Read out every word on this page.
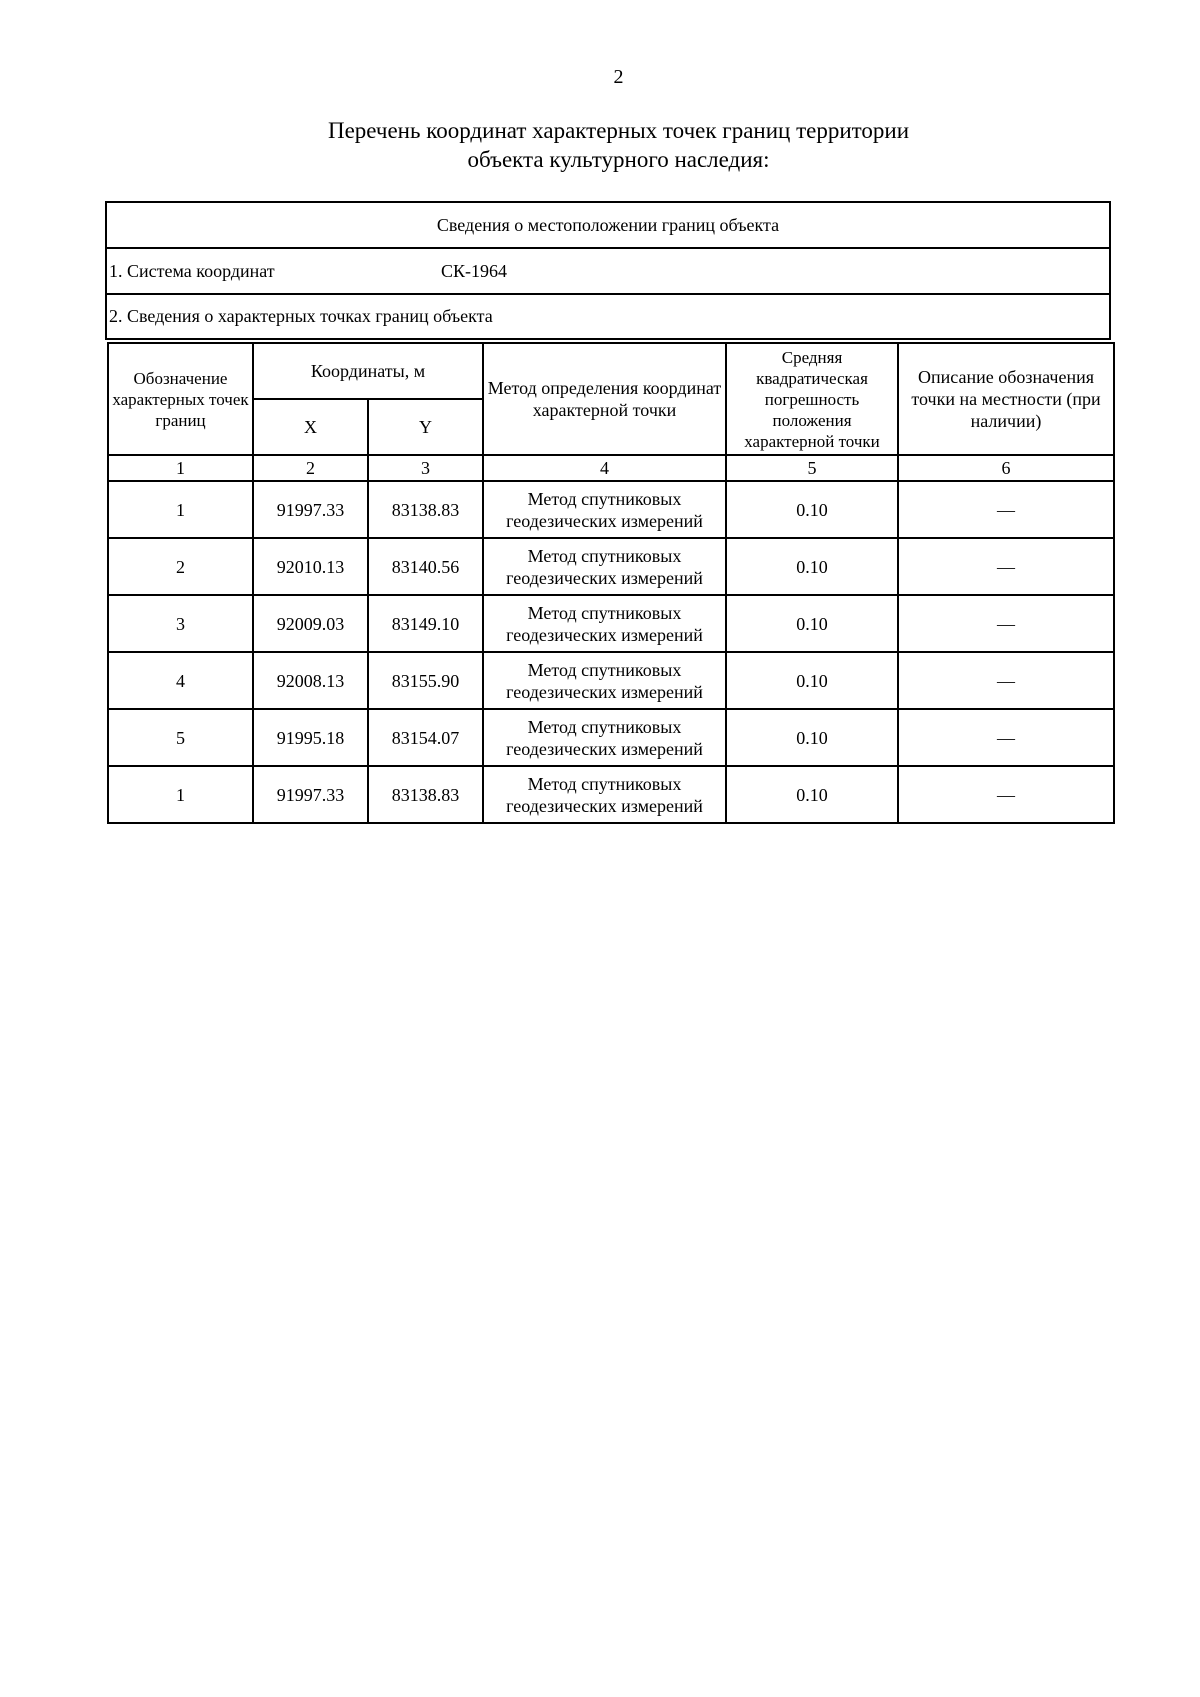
2
Перечень координат характерных точек границ территории
объекта культурного наследия:
Сведения о местоположении границ объекта
1. Система координат	СК-1964
2. Сведения о характерных точках границ объекта
Обозначение характерных точек границ	Координаты, м		Метод определения координат характерной точки	Средняя квадратическая погрешность положения характерной точки	Описание обозначения точки на местности (при наличии)
	X	Y			
1	2	3	4	5	6
1	91997.33	83138.83	Метод спутниковых геодезических измерений	0.10	—
2	92010.13	83140.56	Метод спутниковых геодезических измерений	0.10	—
3	92009.03	83149.10	Метод спутниковых геодезических измерений	0.10	—
4	92008.13	83155.90	Метод спутниковых геодезических измерений	0.10	—
5	91995.18	83154.07	Метод спутниковых геодезических измерений	0.10	—
1	91997.33	83138.83	Метод спутниковых геодезических измерений	0.10	—
